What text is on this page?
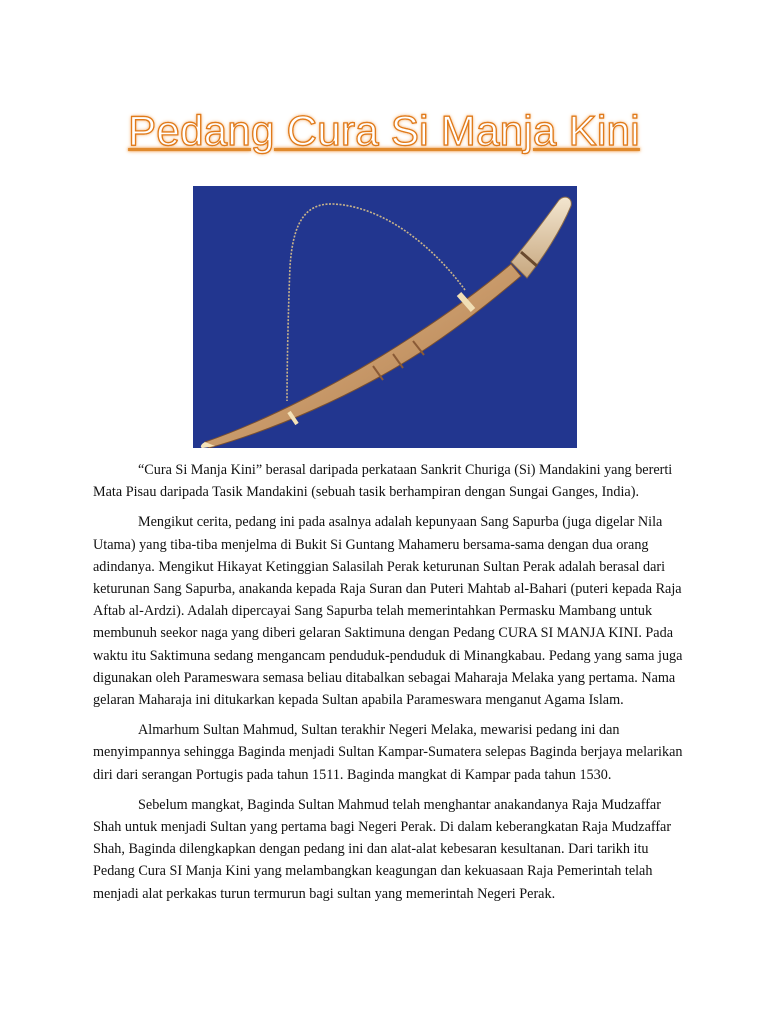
Pedang Cura Si Manja Kini

“Cura Si Manja Kini” berasal daripada perkataan Sankrit Churiga (Si) Mandakini yang bererti Mata Pisau daripada Tasik Mandakini (sebuah tasik berhampiran dengan Sungai Ganges, India).

Mengikut cerita, pedang ini pada asalnya adalah kepunyaan Sang Sapurba (juga digelar Nila Utama) yang tiba-tiba menjelma di Bukit Si Guntang Mahameru bersama-sama dengan dua orang adindanya. Mengikut Hikayat Ketinggian Salasilah Perak keturunan Sultan Perak adalah berasal dari keturunan Sang Sapurba, anakanda kepada Raja Suran dan Puteri Mahtab al-Bahari (puteri kepada Raja Aftab al-Ardzi). Adalah dipercayai Sang Sapurba telah memerintahkan Permasku Mambang untuk membunuh seekor naga yang diberi gelaran Saktimuna dengan Pedang CURA SI MANJA KINI. Pada waktu itu Saktimuna sedang mengancam penduduk-penduduk di Minangkabau. Pedang yang sama juga digunakan oleh Parameswara semasa beliau ditabalkan sebagai Maharaja Melaka yang pertama. Nama gelaran Maharaja ini ditukarkan kepada Sultan apabila Parameswara menganut Agama Islam.

Almarhum Sultan Mahmud, Sultan terakhir Negeri Melaka, mewarisi pedang ini dan menyimpannya sehingga Baginda menjadi Sultan Kampar-Sumatera selepas Baginda berjaya melarikan diri dari serangan Portugis pada tahun 1511. Baginda mangkat di Kampar pada tahun 1530.

Sebelum mangkat, Baginda Sultan Mahmud telah menghantar anakandanya Raja Mudzaffar Shah untuk menjadi Sultan yang pertama bagi Negeri Perak. Di dalam keberangkatan Raja Mudzaffar Shah, Baginda dilengkapkan dengan pedang ini dan alat-alat kebesaran kesultanan. Dari tarikh itu Pedang Cura SI Manja Kini yang melambangkan keagungan dan kekuasaan Raja Pemerintah telah menjadi alat perkakas turun termurun bagi sultan yang memerintah Negeri Perak.
